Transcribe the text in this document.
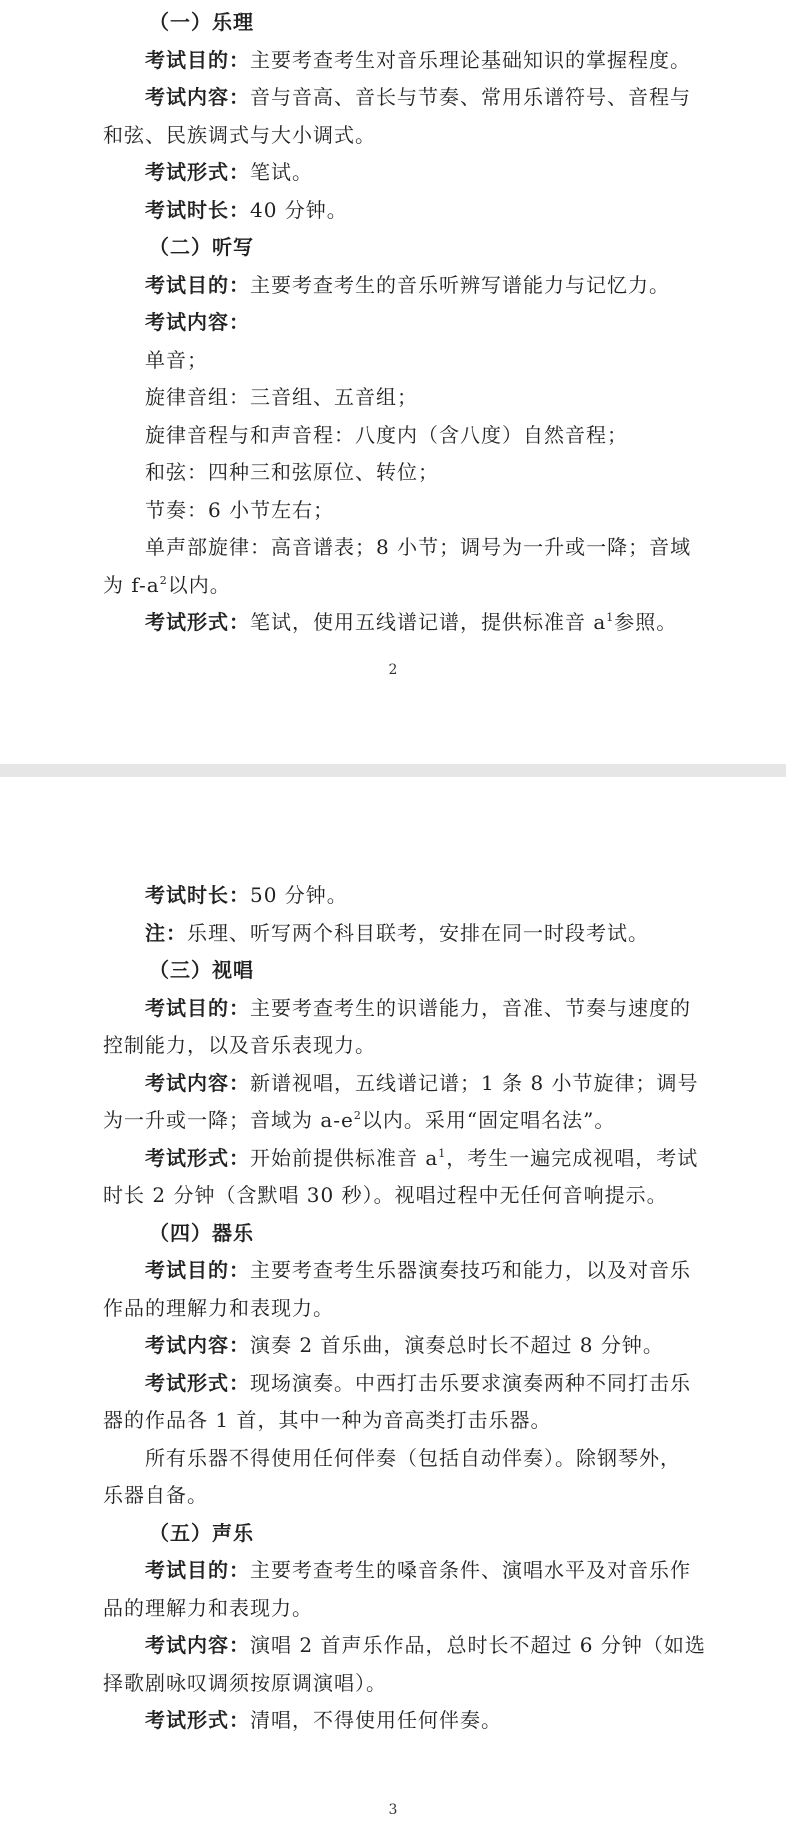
（一）乐理

考试目的：主要考查考生对音乐理论基础知识的掌握程度。

考试内容：音与音高、音长与节奏、常用乐谱符号、音程与

和弦、民族调式与大小调式。

考试形式：笔试。

考试时长：40 分钟。

（二）听写

考试目的：主要考查考生的音乐听辨写谱能力与记忆力。

考试内容：

单音；

旋律音组：三音组、五音组；

旋律音程与和声音程：八度内（含八度）自然音程；

和弦：四种三和弦原位、转位；

节奏：6 小节左右；

单声部旋律：高音谱表；8 小节；调号为一升或一降；音域

为 $f-a^2$以内。

考试形式：笔试，使用五线谱记谱，提供标准音 $a^1$参照。

2

考试时长：50 分钟。

注：乐理、听写两个科目联考，安排在同一时段考试。

（三）视唱

考试目的：主要考查考生的识谱能力，音准、节奏与速度的

控制能力，以及音乐表现力。

考试内容：新谱视唱，五线谱记谱；1 条 8 小节旋律；调号

为一升或一降；音域为 $a-e^2$以内。采用“固定唱名法”。

考试形式：开始前提供标准音 $a^1$，考生一遍完成视唱，考试

时长 2 分钟（含默唱 30 秒）。视唱过程中无任何音响提示。

（四）器乐

考试目的：主要考查考生乐器演奏技巧和能力，以及对音乐

作品的理解力和表现力。

考试内容：演奏 2 首乐曲，演奏总时长不超过 8 分钟。

考试形式：现场演奏。中西打击乐要求演奏两种不同打击乐

器的作品各 1 首，其中一种为音高类打击乐器。

所有乐器不得使用任何伴奏（包括自动伴奏）。除钢琴外，

乐器自备。

（五）声乐

考试目的：主要考查考生的嗓音条件、演唱水平及对音乐作

品的理解力和表现力。

考试内容：演唱 2 首声乐作品，总时长不超过 6 分钟（如选

择歌剧咏叹调须按原调演唱）。

考试形式：清唱，不得使用任何伴奏。

3
